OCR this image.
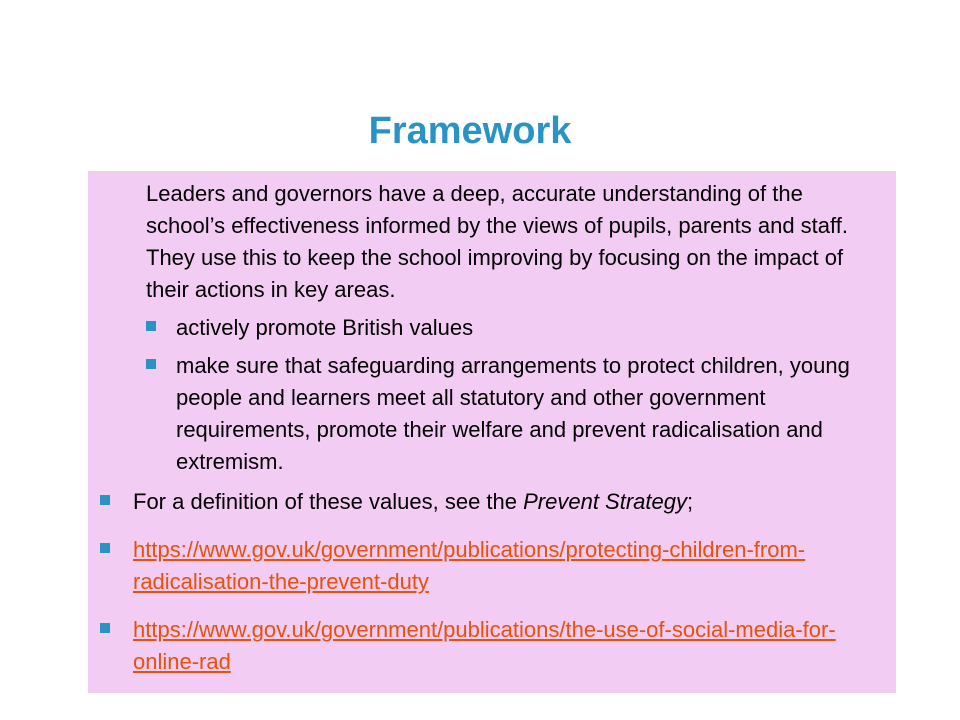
Framework
Leaders and governors have a deep, accurate understanding of the school’s effectiveness informed by the views of pupils, parents and staff. They use this to keep the school improving by focusing on the impact of their actions in key areas.
actively promote British values
make sure that safeguarding arrangements to protect children, young people and learners meet all statutory and other government requirements, promote their welfare and prevent radicalisation and extremism.
For a definition of these values, see the Prevent Strategy;
https://www.gov.uk/government/publications/protecting-children-from-radicalisation-the-prevent-duty
https://www.gov.uk/government/publications/the-use-of-social-media-for-online-rad
